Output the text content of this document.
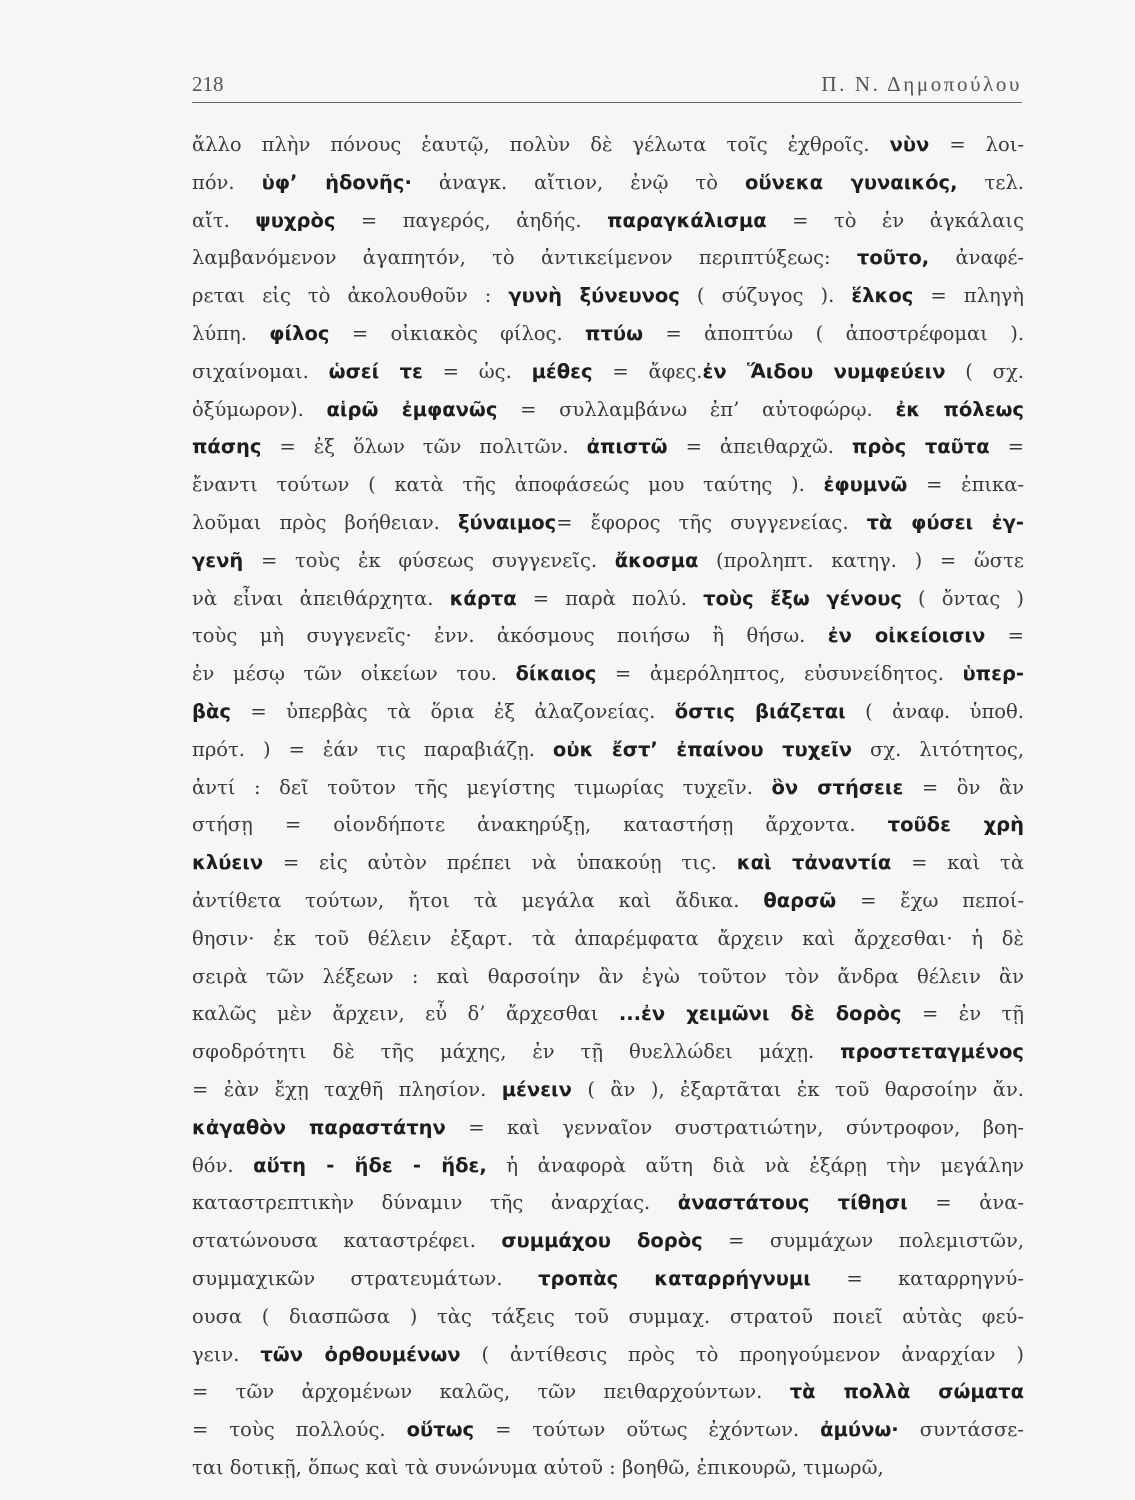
218	Π. Ν. Δημοπούλου
ἄλλο πλὴν πόνους ἑαυτῷ, πολὺν δὲ γέλωτα τοῖς ἐχθροῖς. νὺν = λοι-
πόν. ὑφ’ ἡδονῆς· ἀναγκ. αἴτιον, ἐνῷ τὸ οὕνεκα γυναικός, τελ.
αἴτ. ψυχρὸς = παγερός, ἀηδής. παραγκάλισμα = τὸ ἐν ἀγκάλαις
λαμβανόμενον ἀγαπητόν, τὸ ἀντικείμενον περιπτύξεως: τοῦτο, ἀναφέ-
ρεται εἰς τὸ ἀκολουθοῦν : γυνὴ ξύνευνος ( σύζυγος ). ἕλκος = πληγὴ
λύπη. φίλος = οἰκιακὸς φίλος. πτύω = ἀποπτύω ( ἀποστρέφομαι ).
σιχαίνομαι. ὡσεί τε = ὡς. μέθες = ἄφες.ἐν Ἅιδου νυμφεύειν ( σχ.
ὀξύμωρον). αἱρῶ ἐμφανῶς = συλλαμβάνω ἐπ’ αὐτοφώρῳ. ἐκ πόλεως
πάσης = ἐξ ὅλων τῶν πολιτῶν. ἀπιστῶ = ἀπειθαρχῶ. πρὸς ταῦτα =
ἔναντι τούτων ( κατὰ τῆς ἀποφάσεώς μου ταύτης ). ἐφυμνῶ = ἐπικα-
λοῦμαι πρὸς βοήθειαν. ξύναιμος= ἔφορος τῆς συγγενείας. τὰ φύσει ἐγ-
γενῆ = τοὺς ἐκ φύσεως συγγενεῖς. ἄκοσμα (προληπτ. κατηγ. ) = ὥστε
νὰ εἶναι ἀπειθάρχητα. κάρτα = παρὰ πολύ. τοὺς ἔξω γένους ( ὄντας )
τοὺς μὴ συγγενεῖς· ἐνν. ἀκόσμους ποιήσω ἢ θήσω. ἐν οἰκείοισιν =
ἐν μέσῳ τῶν οἰκείων του. δίκαιος = ἀμερόληπτος, εὐσυνείδητος. ὑπερ-
βὰς = ὑπερβὰς τὰ ὅρια ἐξ ἀλαζονείας. ὅστις βιάζεται ( ἀναφ. ὑποθ.
πρότ. ) = ἐάν τις παραβιάζῃ. οὐκ ἔστ’ ἐπαίνου τυχεῖν σχ. λιτότητος,
ἀντί : δεῖ τοῦτον τῆς μεγίστης τιμωρίας τυχεῖν. ὃν στήσειε = ὃν ἂν
στήσῃ = οἱονδήποτε ἀνακηρύξῃ, καταστήσῃ ἄρχοντα. τοῦδε χρὴ
κλύειν = εἰς αὐτὸν πρέπει νὰ ὑπακούῃ τις. καὶ τἀναντία = καὶ τὰ
ἀντίθετα τούτων, ἤτοι τὰ μεγάλα καὶ ἄδικα. θαρσῶ = ἔχω πεποί-
θησιν· ἐκ τοῦ θέλειν ἐξαρτ. τὰ ἀπαρέμφατα ἄρχειν καὶ ἄρχεσθαι· ἡ δὲ
σειρὰ τῶν λέξεων : καὶ θαρσοίην ἂν ἐγὼ τοῦτον τὸν ἄνδρα θέλειν ἂν
καλῶς μὲν ἄρχειν, εὖ δ’ ἄρχεσθαι ...ἐν χειμῶνι δὲ δορὸς = ἐν τῇ
σφοδρότητι δὲ τῆς μάχης, ἐν τῇ θυελλώδει μάχῃ. προστεταγμένος
= ἐὰν ἔχῃ ταχθῆ πλησίον. μένειν ( ἂν ), ἐξαρτᾶται ἐκ τοῦ θαρσοίην ἄν.
κἀγαθὸν παραστάτην = καὶ γενναῖον συστρατιώτην, σύντροφον, βοη-
θόν. αὕτη - ἥδε - ἥδε, ἡ ἀναφορὰ αὕτη διὰ νὰ ἐξάρῃ τὴν μεγάλην
καταστρεπτικὴν δύναμιν τῆς ἀναρχίας. ἀναστάτους τίθησι = ἀνα-
στατώνουσα καταστρέφει. συμμάχου δορὸς = συμμάχων πολεμιστῶν,
συμμαχικῶν στρατευμάτων. τροπὰς καταρρήγνυμι = καταρρηγνύ-
ουσα ( διασπῶσα ) τὰς τάξεις τοῦ συμμαχ. στρατοῦ ποιεῖ αὐτὰς φεύ-
γειν. τῶν ὀρθουμένων ( ἀντίθεσις πρὸς τὸ προηγούμενον ἀναρχίαν )
= τῶν ἀρχομένων καλῶς, τῶν πειθαρχούντων. τὰ πολλὰ σώματα
= τοὺς πολλούς. οὕτως = τούτων οὕτως ἐχόντων. ἀμύνω· συντάσσε-
ται δοτικῇ, ὅπως καὶ τὰ συνώνυμα αὐτοῦ : βοηθῶ, ἐπικουρῶ, τιμωρῶ,
